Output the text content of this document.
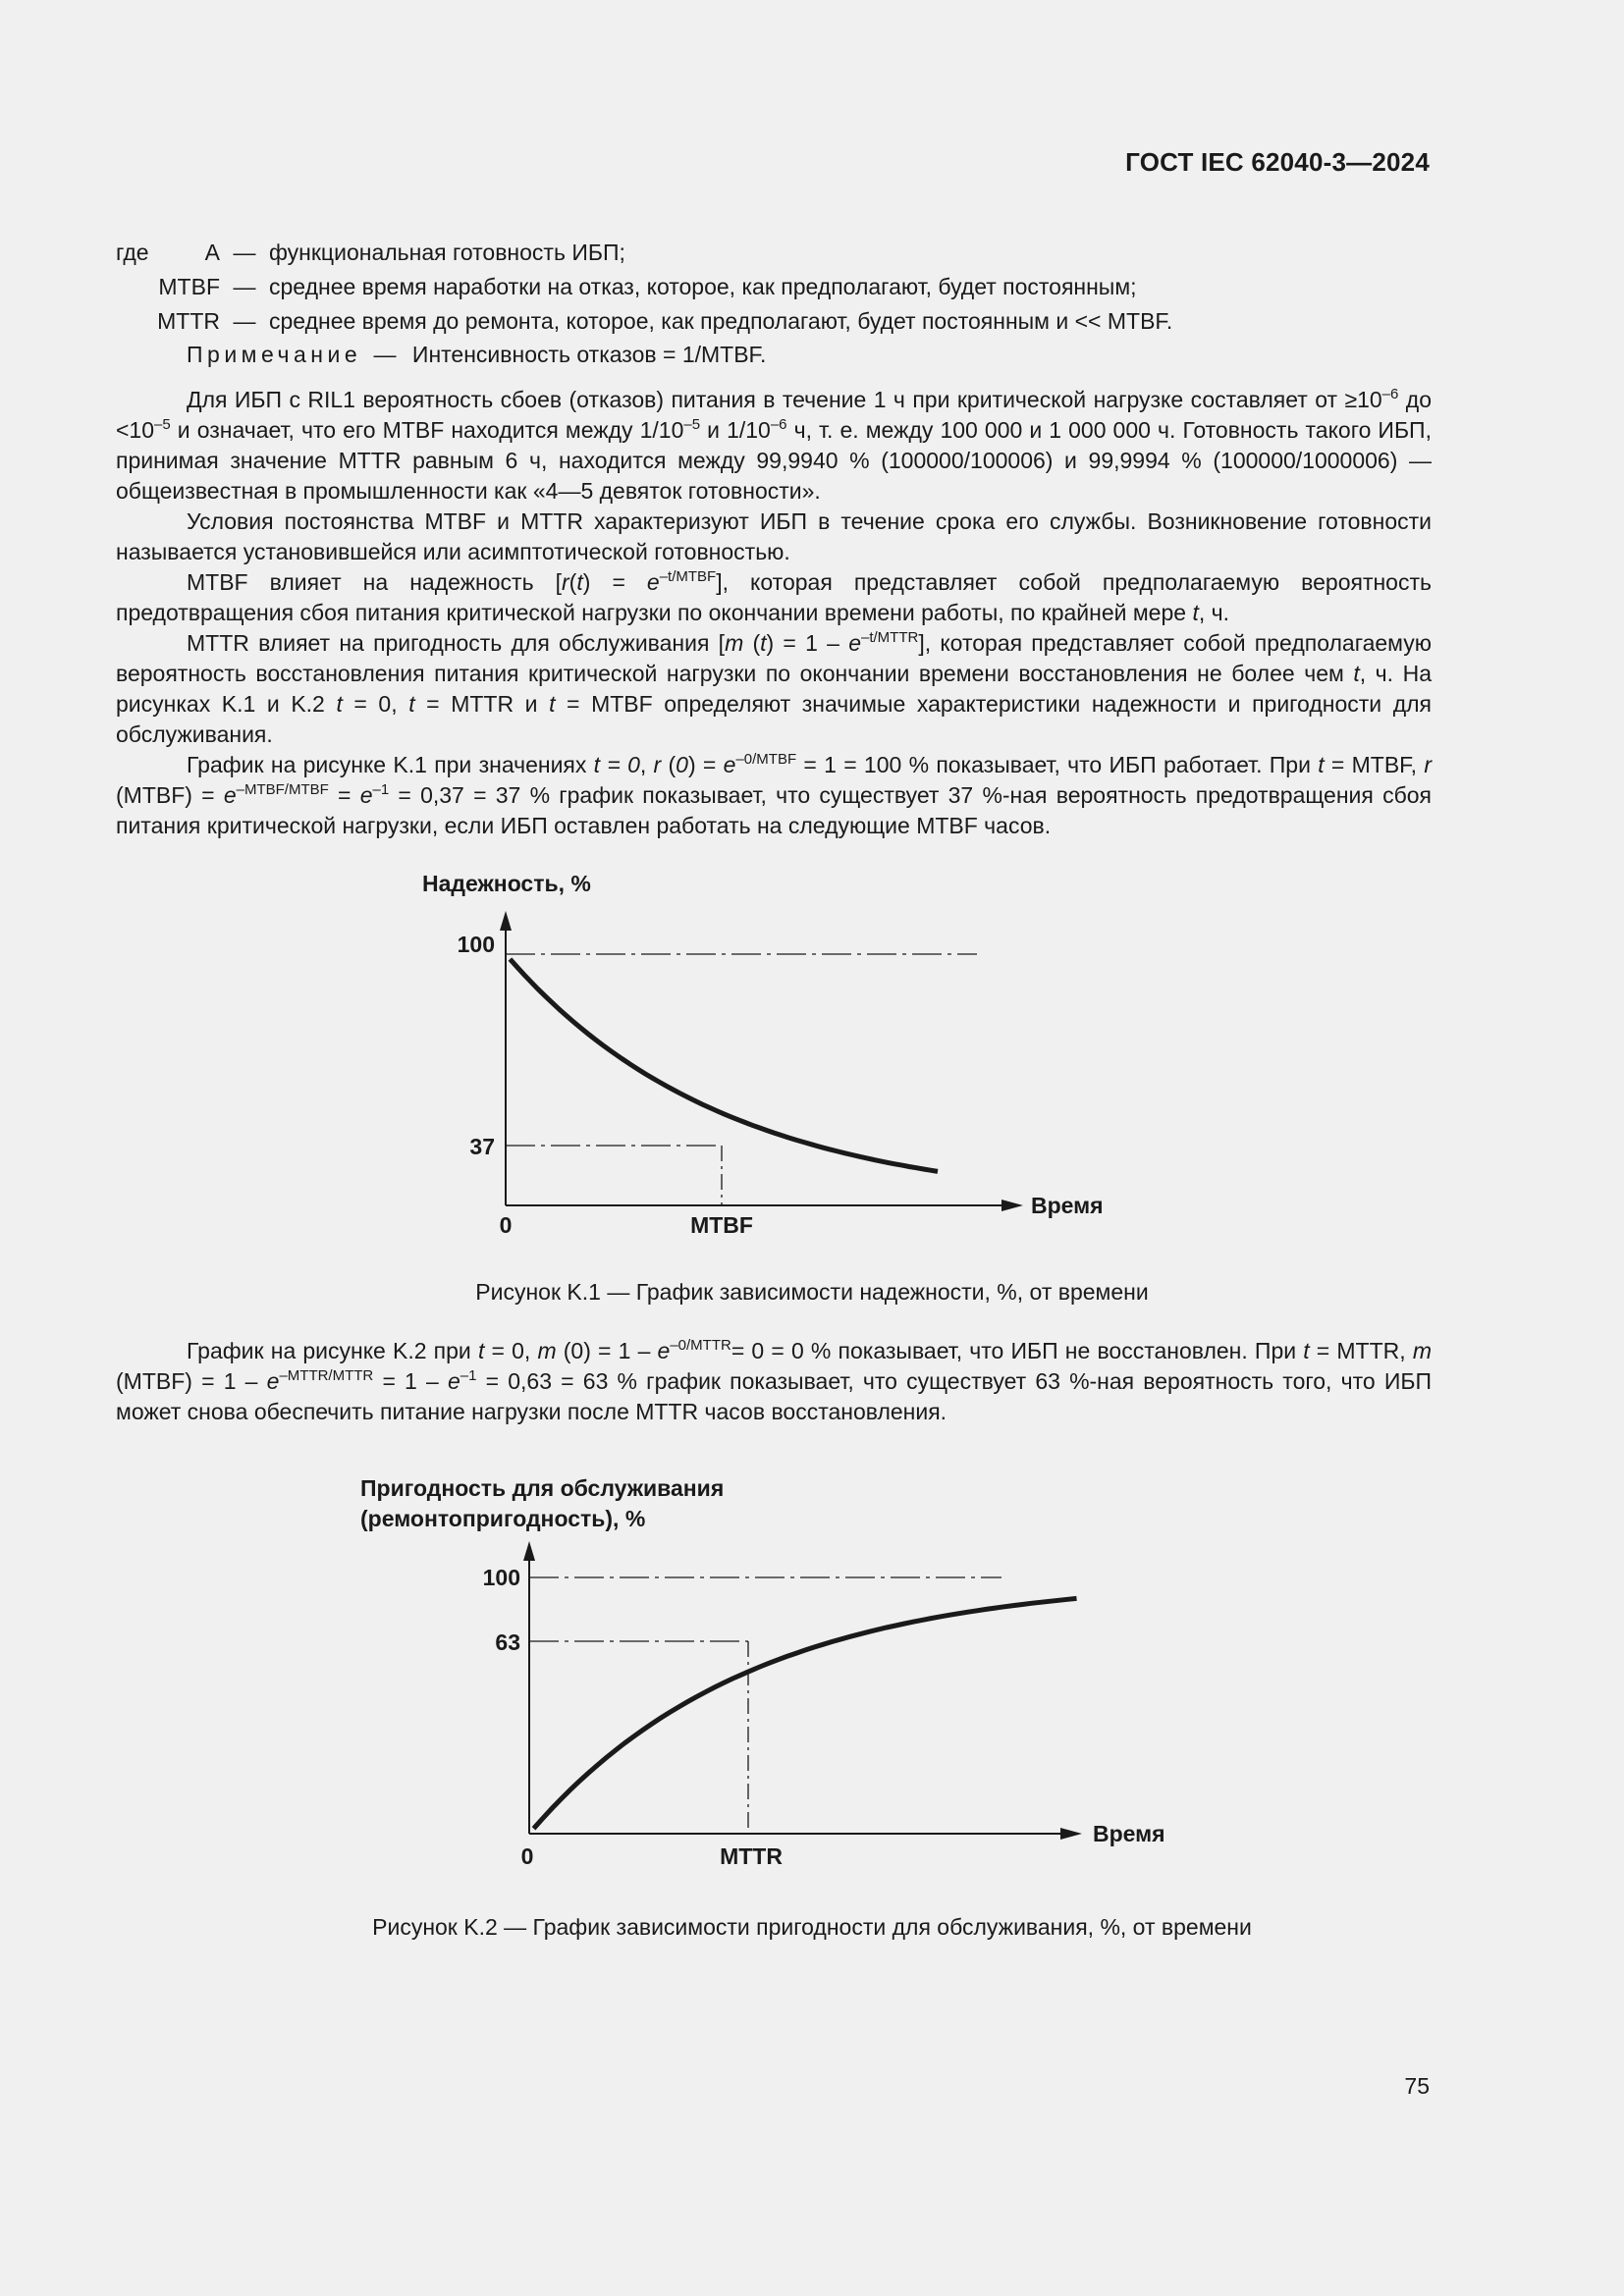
ГОСТ IEC 62040-3—2024
где	A — функциональная готовность ИБП;
MTBF — среднее время наработки на отказ, которое, как предполагают, будет постоянным;
MTTR — среднее время до ремонта, которое, как предполагают, будет постоянным и << MTBF.
Примечание — Интенсивность отказов = 1/MTBF.

Для ИБП с RIL1 вероятность сбоев (отказов) питания в течение 1 ч при критической нагрузке составляет от $\ge 10^{-6}$ до $<10^{-5}$ и означает, что его MTBF находится между $1/10^{-5}$ и $1/10^{-6}$ ч, т. е. между 100 000 и 1 000 000 ч. Готовность такого ИБП, принимая значение MTTR равным 6 ч, находится между 99,9940 % (100000/100006) и 99,9994 % (100000/1000006) — общеизвестная в промышленности как «4—5 девяток готовности».

Условия постоянства MTBF и MTTR характеризуют ИБП в течение срока его службы. Возникновение готовности называется установившейся или асимптотической готовностью.

MTBF влияет на надежность $[r(t) = e^{-t/MTBF}]$, которая представляет собой предполагаемую вероятность предотвращения сбоя питания критической нагрузки по окончании времени работы, по крайней мере t, ч.

MTTR влияет на пригодность для обслуживания [m $(t) = 1 - e^{-t/MTTR}$], которая представляет собой предполагаемую вероятность восстановления питания критической нагрузки по окончании времени восстановления не более чем t, ч. На рисунках K.1 и K.2 t = 0, t = MTTR и t = MTBF определяют значимые характеристики надежности и пригодности для обслуживания.

График на рисунке K.1 при значениях t = 0, r $(0) = e^{-0/MTBF} = 1 = 100$ % показывает, что ИБП работает. При t = MTBF, r (MTBF) = $e^{-MTBF/MTBF} = e^{-1} = 0,37 = 37$ % график показывает, что существует 37 %-ная вероятность предотвращения сбоя питания критической нагрузки, если ИБП оставлен работать на следующие MTBF часов.

Надежность, %
100
37
0	MTBF
Время
Рисунок K.1 — График зависимости надежности, %, от времени

График на рисунке K.2 при t = 0, m $(0) = 1 - e^{-0/MTTR}= 0 = 0$ % показывает, что ИБП не восстановлен. При t = MTTR, m (MTBF) = $1 - e^{-MTTR/MTTR} = 1 - e^{-1} = 0,63 = 63$ % график показывает, что существует 63 %-ная вероятность того, что ИБП может снова обеспечить питание нагрузки после MTTR часов восстановления.

Пригодность для обслуживания
(ремонтопригодность), %
100
63
0	MTTR
Время
Рисунок K.2 — График зависимости пригодности для обслуживания, %, от времени
75
